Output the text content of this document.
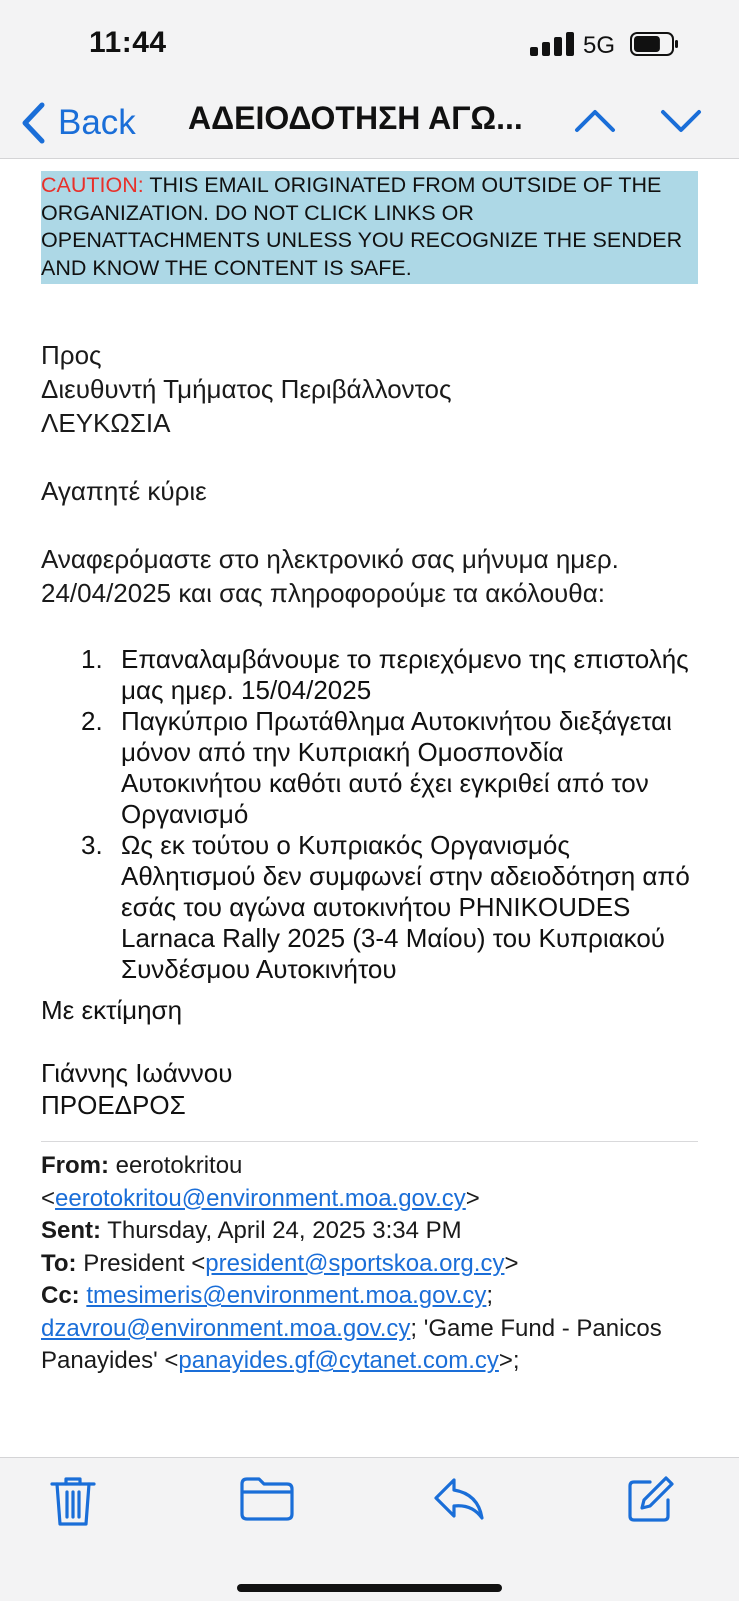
11:44	5G
Back ΑΔΕΙΟΔΟΤΗΣΗ ΑΓΩ...
CAUTION: THIS EMAIL ORIGINATED FROM OUTSIDE OF THE ORGANIZATION. DO NOT CLICK LINKS OR OPENATTACHMENTS UNLESS YOU RECOGNIZE THE SENDER AND KNOW THE CONTENT IS SAFE.
Προς
Διευθυντή Τμήματος Περιβάλλοντος
ΛΕΥΚΩΣΙΑ
Αγαπητέ κύριε
Αναφερόμαστε στο ηλεκτρονικό σας μήνυμα ημερ. 24/04/2025 και σας πληροφορούμε τα ακόλουθα:
1. Επαναλαμβάνουμε το περιεχόμενο της επιστολής μας ημερ. 15/04/2025
2. Παγκύπριο Πρωτάθλημα Αυτοκινήτου διεξάγεται μόνον από την Κυπριακή Ομοσπονδία Αυτοκινήτου καθότι αυτό έχει εγκριθεί από τον Οργανισμό
3. Ως εκ τούτου ο Κυπριακός Οργανισμός Αθλητισμού δεν συμφωνεί στην αδειοδότηση από εσάς του αγώνα αυτοκινήτου PHNIKOUDES Larnaca Rally 2025 (3-4 Μαίου) του Κυπριακού Συνδέσμου Αυτοκινήτου
Με εκτίμηση
Γιάννης Ιωάννου
ΠΡΟΕΔΡΟΣ
From: eerotokritou
<eerotokritou@environment.moa.gov.cy>
Sent: Thursday, April 24, 2025 3:34 PM
To: President <president@sportskoa.org.cy>
Cc: tmesimeris@environment.moa.gov.cy;
dzavrou@environment.moa.gov.cy; 'Game Fund - Panicos
Panayides' <panayides.gf@cytanet.com.cy>;
